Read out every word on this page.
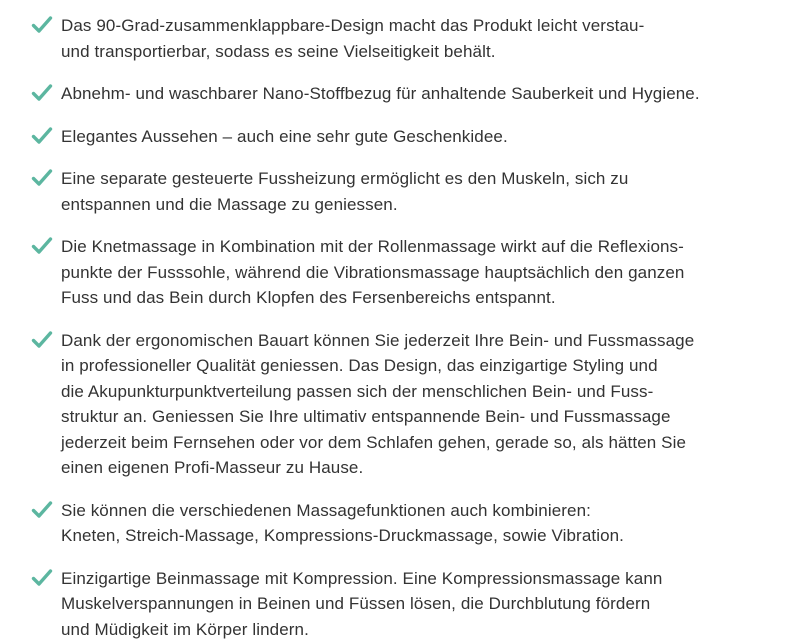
Das 90-Grad-zusammenklappbare-Design macht das Produkt leicht verstau-
und transportierbar, sodass es seine Vielseitigkeit behält.
Abnehm- und waschbarer Nano-Stoffbezug für anhaltende Sauberkeit und Hygiene.
Elegantes Aussehen – auch eine sehr gute Geschenkidee.
Eine separate gesteuerte Fussheizung ermöglicht es den Muskeln, sich zu
entspannen und die Massage zu geniessen.
Die Knetmassage in Kombination mit der Rollenmassage wirkt auf die Reflexions-
punkte der Fusssohle, während die Vibrationsmassage hauptsächlich den ganzen
Fuss und das Bein durch Klopfen des Fersenbereichs entspannt.
Dank der ergonomischen Bauart können Sie jederzeit Ihre Bein- und Fussmassage
in professioneller Qualität geniessen. Das Design, das einzigartige Styling und
die Akupunkturpunktverteilung passen sich der menschlichen Bein- und Fuss-
struktur an. Geniessen Sie Ihre ultimativ entspannende Bein- und Fussmassage
jederzeit beim Fernsehen oder vor dem Schlafen gehen, gerade so, als hätten Sie
einen eigenen Profi-Masseur zu Hause.
Sie können die verschiedenen Massagefunktionen auch kombinieren:
Kneten, Streich-Massage, Kompressions-Druckmassage, sowie Vibration.
Einzigartige Beinmassage mit Kompression. Eine Kompressionsmassage kann
Muskelverspannungen in Beinen und Füssen lösen, die Durchblutung fördern
und Müdigkeit im Körper lindern.
